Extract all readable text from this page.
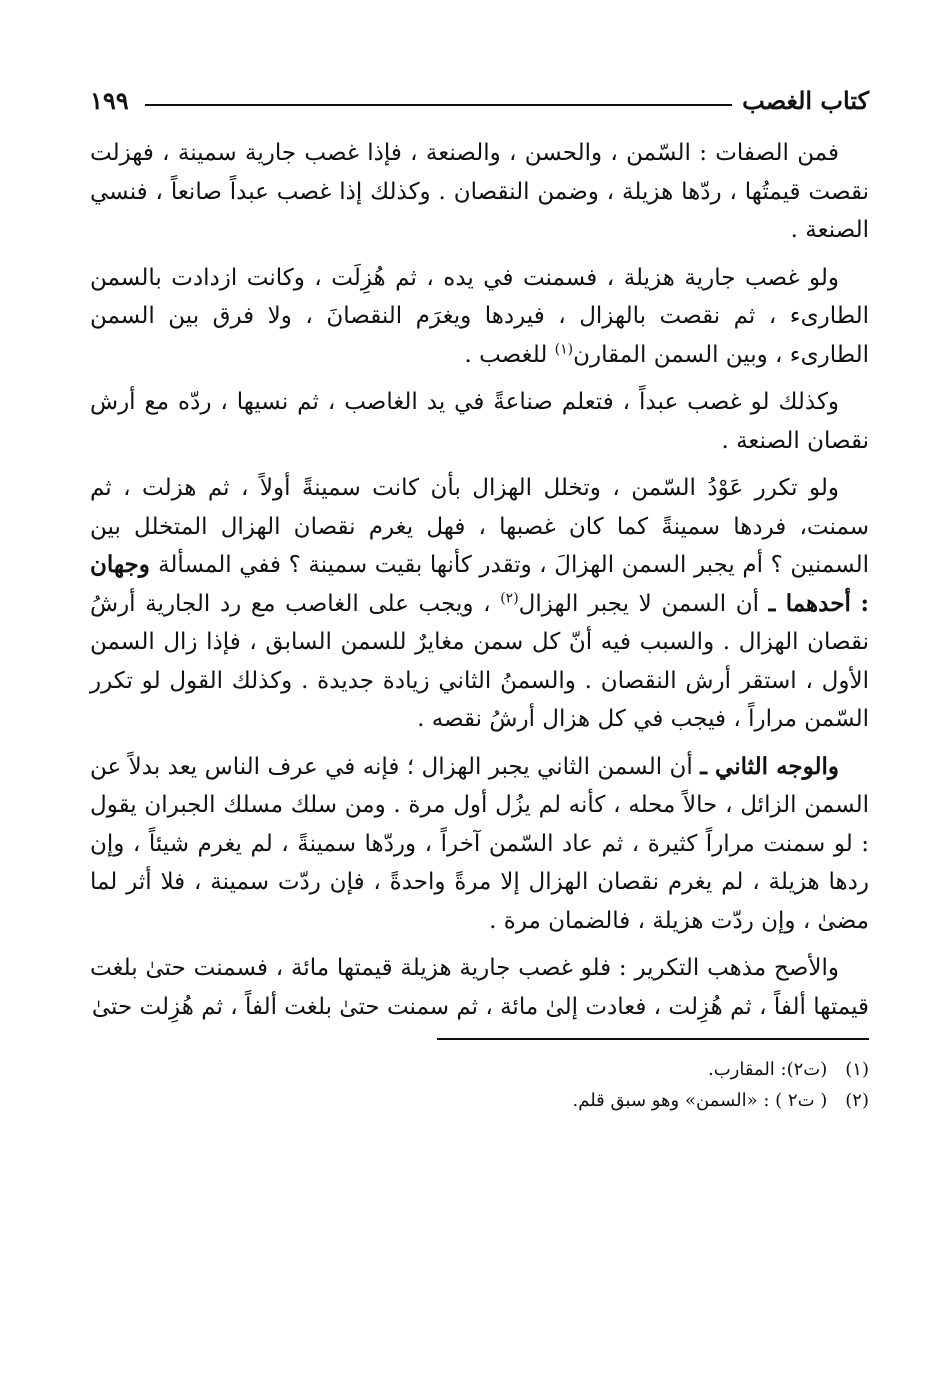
كتاب الغصب
١٩٩

فمن الصفات : السّمن ، والحسن ، والصنعة ، فإذا غصب جارية سمينة ، فهزلت نقصت قيمتُها ، ردّها هزيلة ، وضمن النقصان . وكذلك إذا غصب عبداً صانعاً ، فنسي الصنعة .

ولو غصب جارية هزيلة ، فسمنت في يده ، ثم هُزِلَت ، وكانت ازدادت بالسمن الطارىء ، ثم نقصت بالهزال ، فيردها ويغرَم النقصانَ ، ولا فرق بين السمن الطارىء ، وبين السمن المقارن$^{(١)}$ للغصب .

وكذلك لو غصب عبداً ، فتعلم صناعةً في يد الغاصب ، ثم نسيها ، ردّه مع أرش نقصان الصنعة .

ولو تكرر عَوْدُ السّمن ، وتخلل الهزال بأن كانت سمينةً أولاً ، ثم هزلت ، ثم سمنت، فردها سمينةً كما كان غصبها ، فهل يغرم نقصان الهزال المتخلل بين السمنين ؟ أم يجبر السمن الهزالَ ، وتقدر كأنها بقيت سمينة ؟ ففي المسألة وجهان : أحدهما ـ أن السمن لا يجبر الهزال$^{(٢)}$ ، ويجب على الغاصب مع رد الجارية أرشُ نقصان الهزال . والسبب فيه أنّ كل سمن مغايرٌ للسمن السابق ، فإذا زال السمن الأول ، استقر أرش النقصان . والسمنُ الثاني زيادة جديدة . وكذلك القول لو تكرر السّمن مراراً ، فيجب في كل هزال أرشُ نقصه .

والوجه الثاني ـ أن السمن الثاني يجبر الهزال ؛ فإنه في عرف الناس يعد بدلاً عن السمن الزائل ، حالاً محله ، كأنه لم يزُل أول مرة . ومن سلك مسلك الجبران يقول : لو سمنت مراراً كثيرة ، ثم عاد السّمن آخراً ، وردّها سمينةً ، لم يغرم شيئاً ، وإن ردها هزيلة ، لم يغرم نقصان الهزال إلا مرةً واحدةً ، فإن ردّت سمينة ، فلا أثر لما مضىٰ ، وإن ردّت هزيلة ، فالضمان مرة .

والأصح مذهب التكرير : فلو غصب جارية هزيلة قيمتها مائة ، فسمنت حتىٰ بلغت قيمتها ألفاً ، ثم هُزِلت ، فعادت إلىٰ مائة ، ثم سمنت حتىٰ بلغت ألفاً ، ثم هُزِلت حتىٰ

(١)
(ت٢): المقارب.
(٢)
( ت٢ ) : «السمن» وهو سبق قلم.
